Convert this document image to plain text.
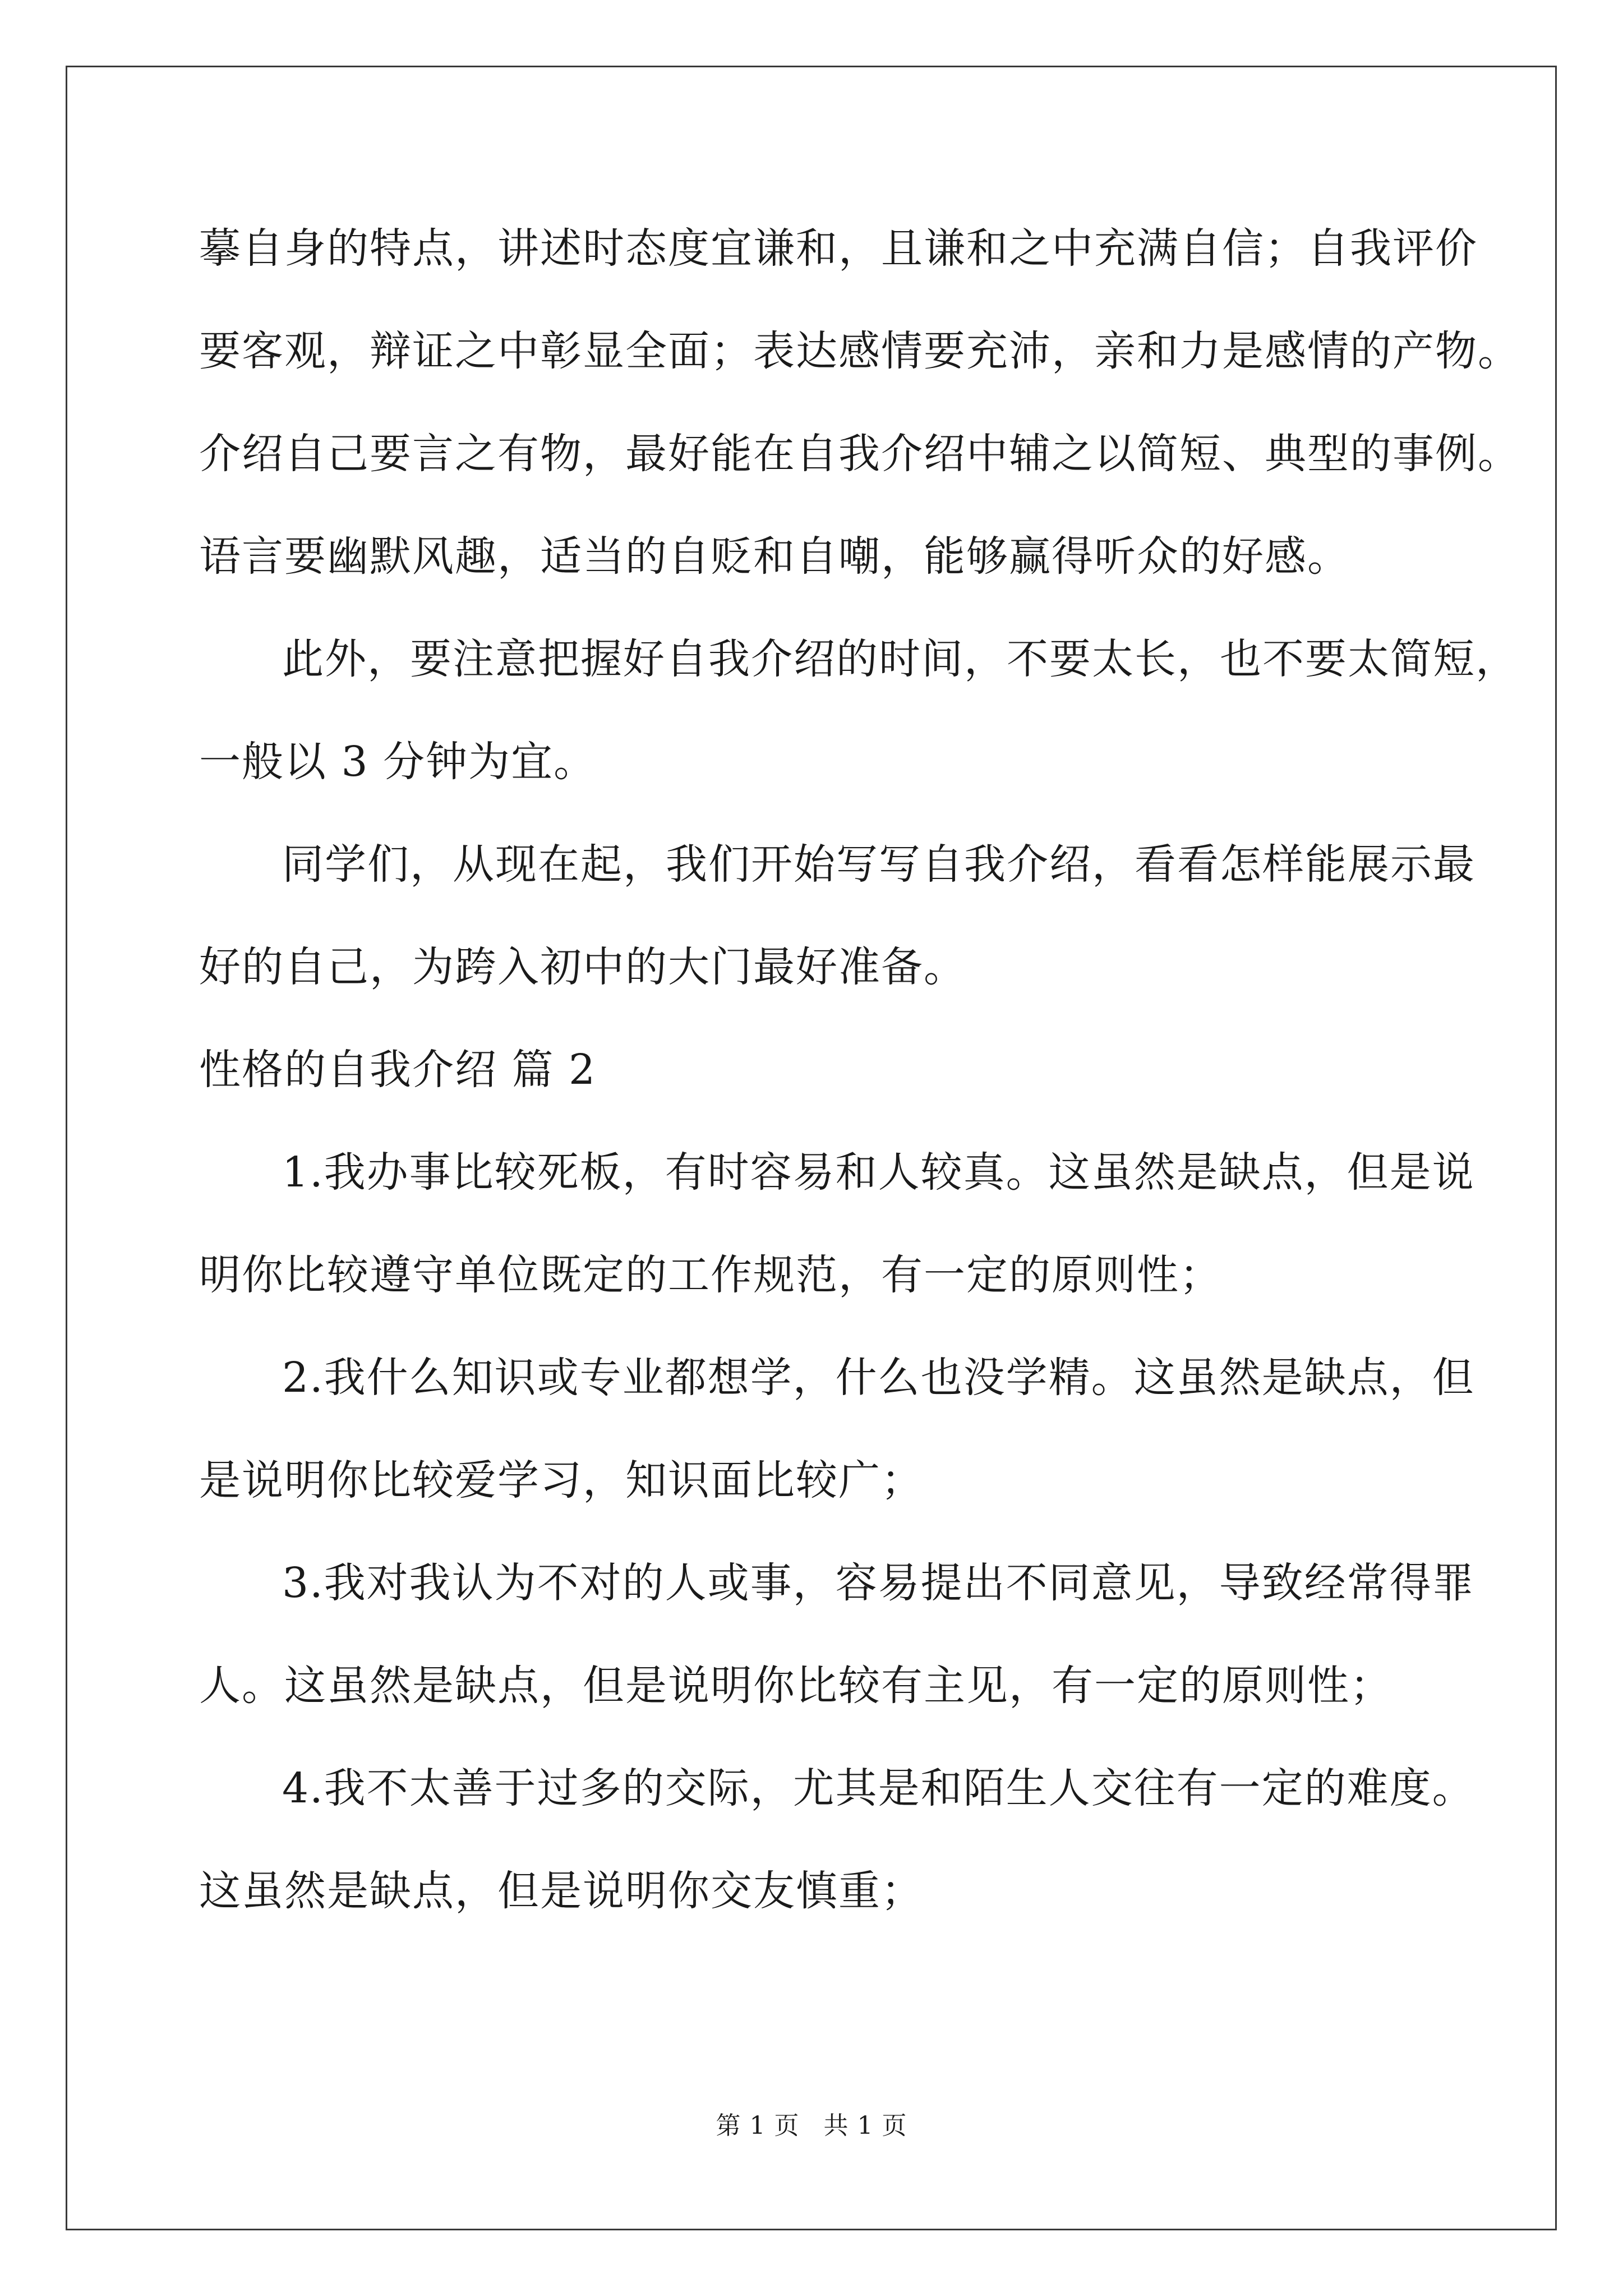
摹自身的特点，讲述时态度宜谦和，且谦和之中充满自信；自我评价
要客观，辩证之中彰显全面；表达感情要充沛，亲和力是感情的产物。
介绍自己要言之有物，最好能在自我介绍中辅之以简短、典型的事例。
语言要幽默风趣，适当的自贬和自嘲，能够赢得听众的好感。
此外，要注意把握好自我介绍的时间，不要太长，也不要太简短，
一般以 3 分钟为宜。
同学们，从现在起，我们开始写写自我介绍，看看怎样能展示最
好的自己，为跨入初中的大门最好准备。
性格的自我介绍 篇 2
1.我办事比较死板，有时容易和人较真。这虽然是缺点，但是说
明你比较遵守单位既定的工作规范，有一定的原则性；
2.我什么知识或专业都想学，什么也没学精。这虽然是缺点，但
是说明你比较爱学习，知识面比较广；
3.我对我认为不对的人或事，容易提出不同意见，导致经常得罪
人。这虽然是缺点，但是说明你比较有主见，有一定的原则性；
4.我不太善于过多的交际，尤其是和陌生人交往有一定的难度。
这虽然是缺点，但是说明你交友慎重；
第 1 页 共 1 页
